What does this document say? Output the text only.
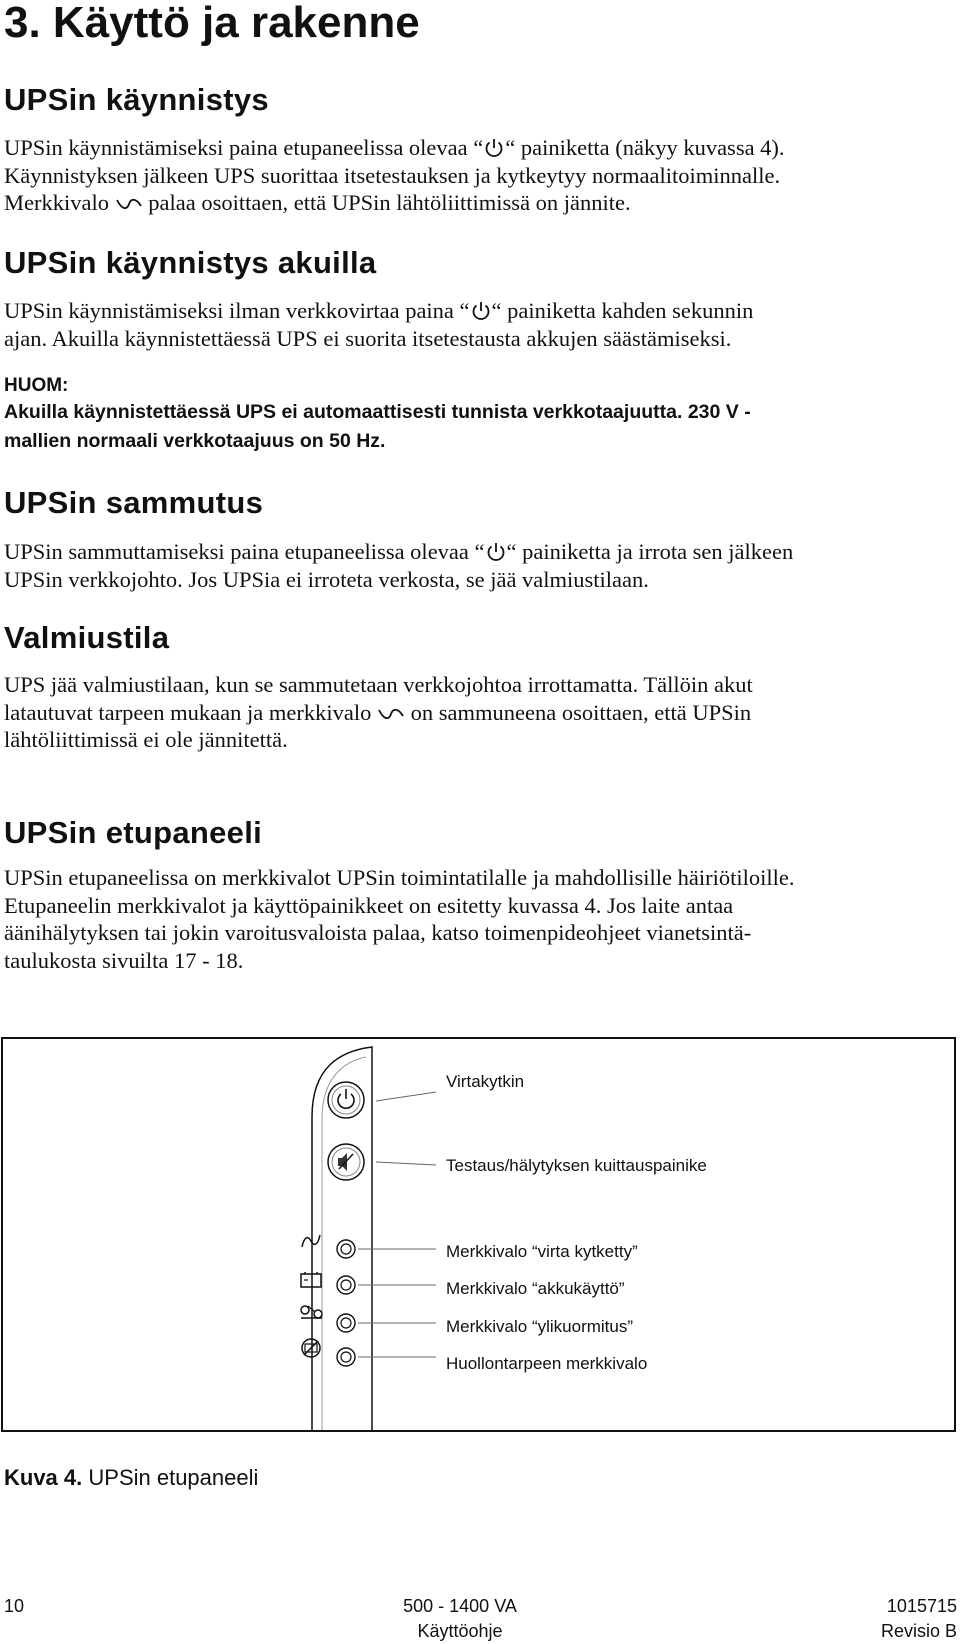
3. Käyttö ja rakenne
UPSin käynnistys
UPSin käynnistämiseksi paina etupaneelissa olevaa “ “ painiketta (näkyy kuvassa 4).
Käynnistyksen jälkeen UPS suorittaa itsetestauksen ja kytkeytyy normaalitoiminnalle.
Merkkivalo palaa osoittaen, että UPSin lähtöliittimissä on jännite.
UPSin käynnistys akuilla
UPSin käynnistämiseksi ilman verkkovirtaa paina “ “ painiketta kahden sekunnin
ajan. Akuilla käynnistettäessä UPS ei suorita itsetestausta akkujen säästämiseksi.
HUOM:
Akuilla käynnistettäessä UPS ei automaattisesti tunnista verkkotaajuutta. 230 V -
mallien normaali verkkotaajuus on 50 Hz.
UPSin sammutus
UPSin sammuttamiseksi paina etupaneelissa olevaa “ “ painiketta ja irrota sen jälkeen
UPSin verkkojohto. Jos UPSia ei irroteta verkosta, se jää valmiustilaan.
Valmiustila
UPS jää valmiustilaan, kun se sammutetaan verkkojohtoa irrottamatta. Tällöin akut
latautuvat tarpeen mukaan ja merkkivalo on sammuneena osoittaen, että UPSin
lähtöliittimissä ei ole jännitettä.
UPSin etupaneeli
UPSin etupaneelissa on merkkivalot UPSin toimintatilalle ja mahdollisille häiriötiloille.
Etupaneelin merkkivalot ja käyttöpainikkeet on esitetty kuvassa 4. Jos laite antaa
äänihälytyksen tai jokin varoitusvaloista palaa, katso toimenpideohjeet vianetsintä-
taulukosta sivuilta 17 - 18.
Virtakytkin
Testaus/hälytyksen kuittauspainike
Merkkivalo “virta kytketty”
Merkkivalo “akkukäyttö”
Merkkivalo “ylikuormitus”
Huollontarpeen merkkivalo
Kuva 4. UPSin etupaneeli
10	500 - 1400 VA
Käyttöohje
1015715
Revisio B
